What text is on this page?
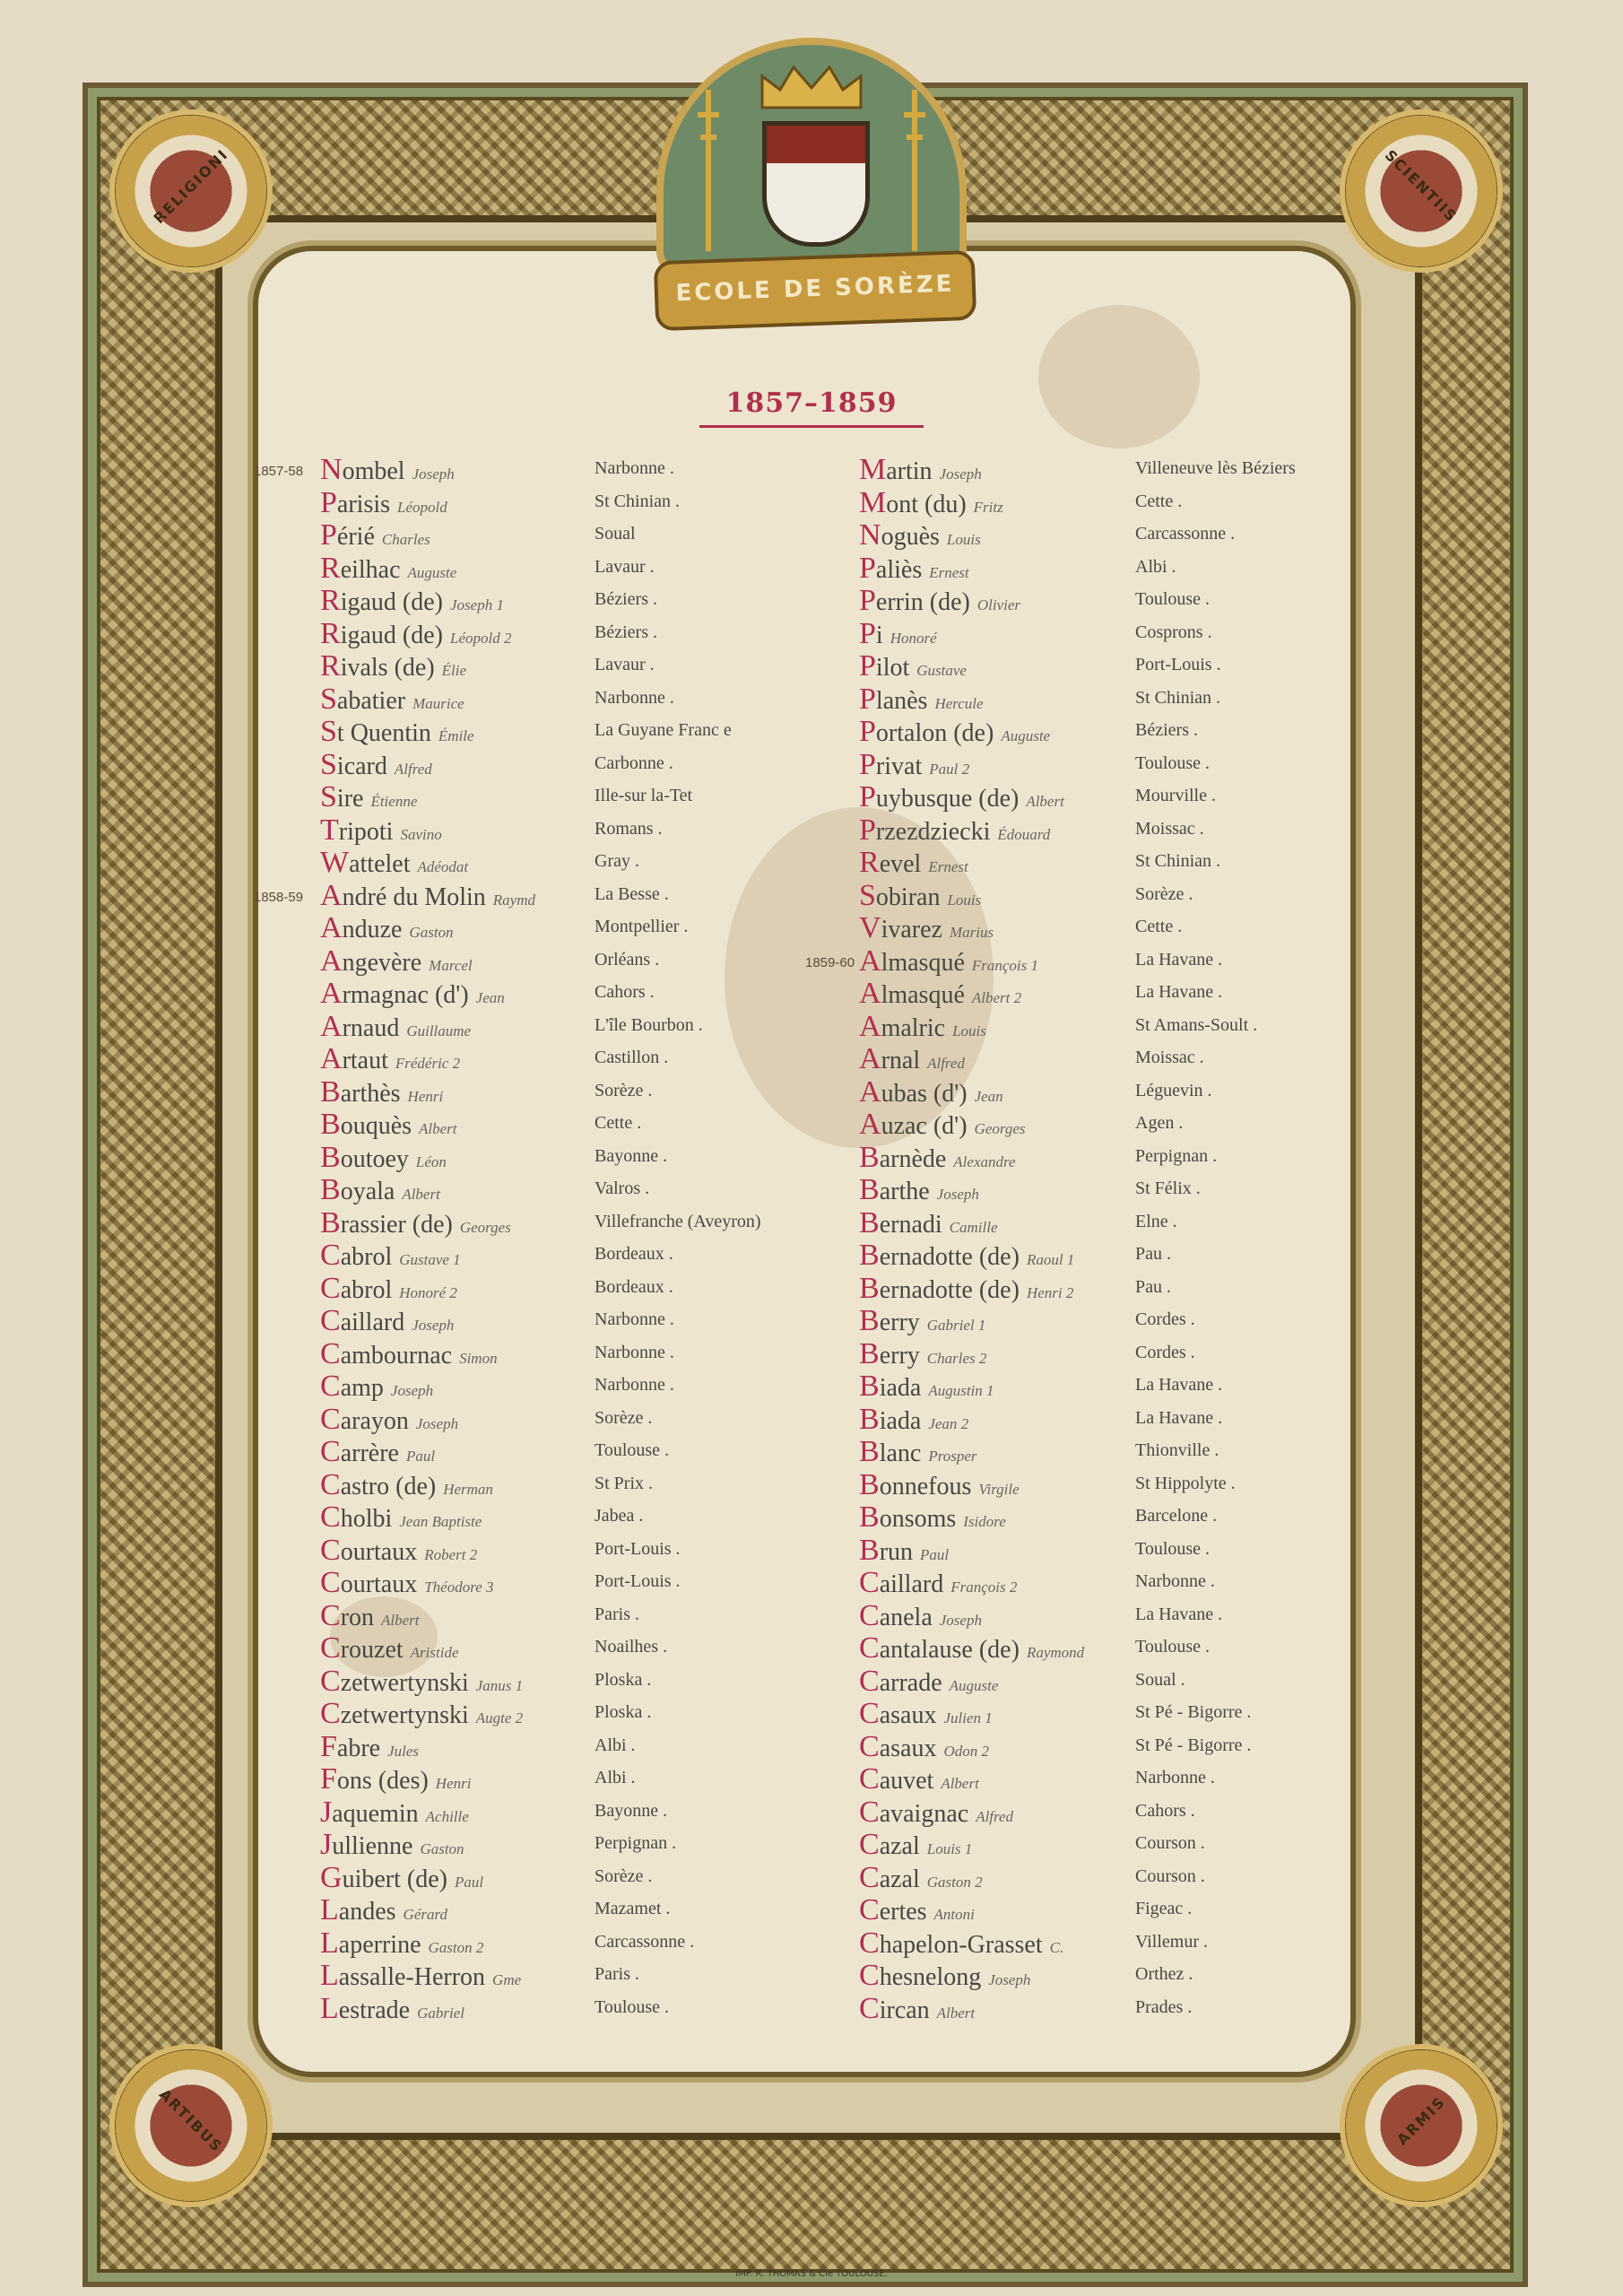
RELIGIONI	SCIENTIIS
ARTIBUS	ARMIS
ECOLE DE SORÈZE
1857–1859
1857-58 Nombel Joseph	Narbonne .
Parisis Léopold	St Chinian .
Périé Charles	Soual
Reilhac Auguste	Lavaur .
Rigaud (de) Joseph 1	Béziers .
Rigaud (de) Léopold 2	Béziers .
Rivals (de) Élie	Lavaur .
Sabatier Maurice	Narbonne .
St Quentin Émile	La Guyane Franc e
Sicard Alfred	Carbonne .
Sire Étienne	Ille-sur la-Tet
Tripoti Savino	Romans .
Wattelet Adéodat	Gray .
1858-59 André du Molin Raymd	La Besse .
Anduze Gaston	Montpellier .
Angevère Marcel	Orléans .
Armagnac (d') Jean	Cahors .
Arnaud Guillaume	L'île Bourbon .
Artaut Frédéric 2	Castillon .
Barthès Henri	Sorèze .
Bouquès Albert	Cette .
Boutoey Léon	Bayonne .
Boyala Albert	Valros .
Brassier (de) Georges	Villefranche (Aveyron)
Cabrol Gustave 1	Bordeaux .
Cabrol Honoré 2	Bordeaux .
Caillard Joseph	Narbonne .
Cambournac Simon	Narbonne .
Camp Joseph	Narbonne .
Carayon Joseph	Sorèze .
Carrère Paul	Toulouse .
Castro (de) Herman	St Prix .
Cholbi Jean Baptiste	Jabea .
Courtaux Robert 2	Port-Louis .
Courtaux Théodore 3	Port-Louis .
Cron Albert	Paris .
Crouzet Aristide	Noailhes .
Czetwertynski Janus 1	Ploska .
Czetwertynski Augte 2	Ploska .
Fabre Jules	Albi .
Fons (des) Henri	Albi .
Jaquemin Achille	Bayonne .
Jullienne Gaston	Perpignan .
Guibert (de) Paul	Sorèze .
Landes Gérard	Mazamet .
Laperrine Gaston 2	Carcassonne .
Lassalle-Herron Gme	Paris .
Lestrade Gabriel	Toulouse .
Martin Joseph	Villeneuve lès Béziers
Mont (du) Fritz	Cette .
Noguès Louis	Carcassonne .
Paliès Ernest	Albi .
Perrin (de) Olivier	Toulouse .
Pi Honoré	Cosprons .
Pilot Gustave	Port-Louis .
Planès Hercule	St Chinian .
Portalon (de) Auguste	Béziers .
Privat Paul 2	Toulouse .
Puybusque (de) Albert	Mourville .
Przezdziecki Édouard	Moissac .
Revel Ernest	St Chinian .
Sobiran Louis	Sorèze .
Vivarez Marius	Cette .
1859-60 Almasqué François 1	La Havane .
Almasqué Albert 2	La Havane .
Amalric Louis	St Amans-Soult .
Arnal Alfred	Moissac .
Aubas (d') Jean	Léguevin .
Auzac (d') Georges	Agen .
Barnède Alexandre	Perpignan .
Barthe Joseph	St Félix .
Bernadi Camille	Elne .
Bernadotte (de) Raoul 1	Pau .
Bernadotte (de) Henri 2	Pau .
Berry Gabriel 1	Cordes .
Berry Charles 2	Cordes .
Biada Augustin 1	La Havane .
Biada Jean 2	La Havane .
Blanc Prosper	Thionville .
Bonnefous Virgile	St Hippolyte .
Bonsoms Isidore	Barcelone .
Brun Paul	Toulouse .
Caillard François 2	Narbonne .
Canela Joseph	La Havane .
Cantalause (de) Raymond	Toulouse .
Carrade Auguste	Soual .
Casaux Julien 1	St Pé - Bigorre .
Casaux Odon 2	St Pé - Bigorre .
Cauvet Albert	Narbonne .
Cavaignac Alfred	Cahors .
Cazal Louis 1	Courson .
Cazal Gaston 2	Courson .
Certes Antoni	Figeac .
Chapelon-Grasset C.	Villemur .
Chesnelong Joseph	Orthez .
Circan Albert	Prades .
IMP. R. THOMAS & Cie TOULOUSE.
